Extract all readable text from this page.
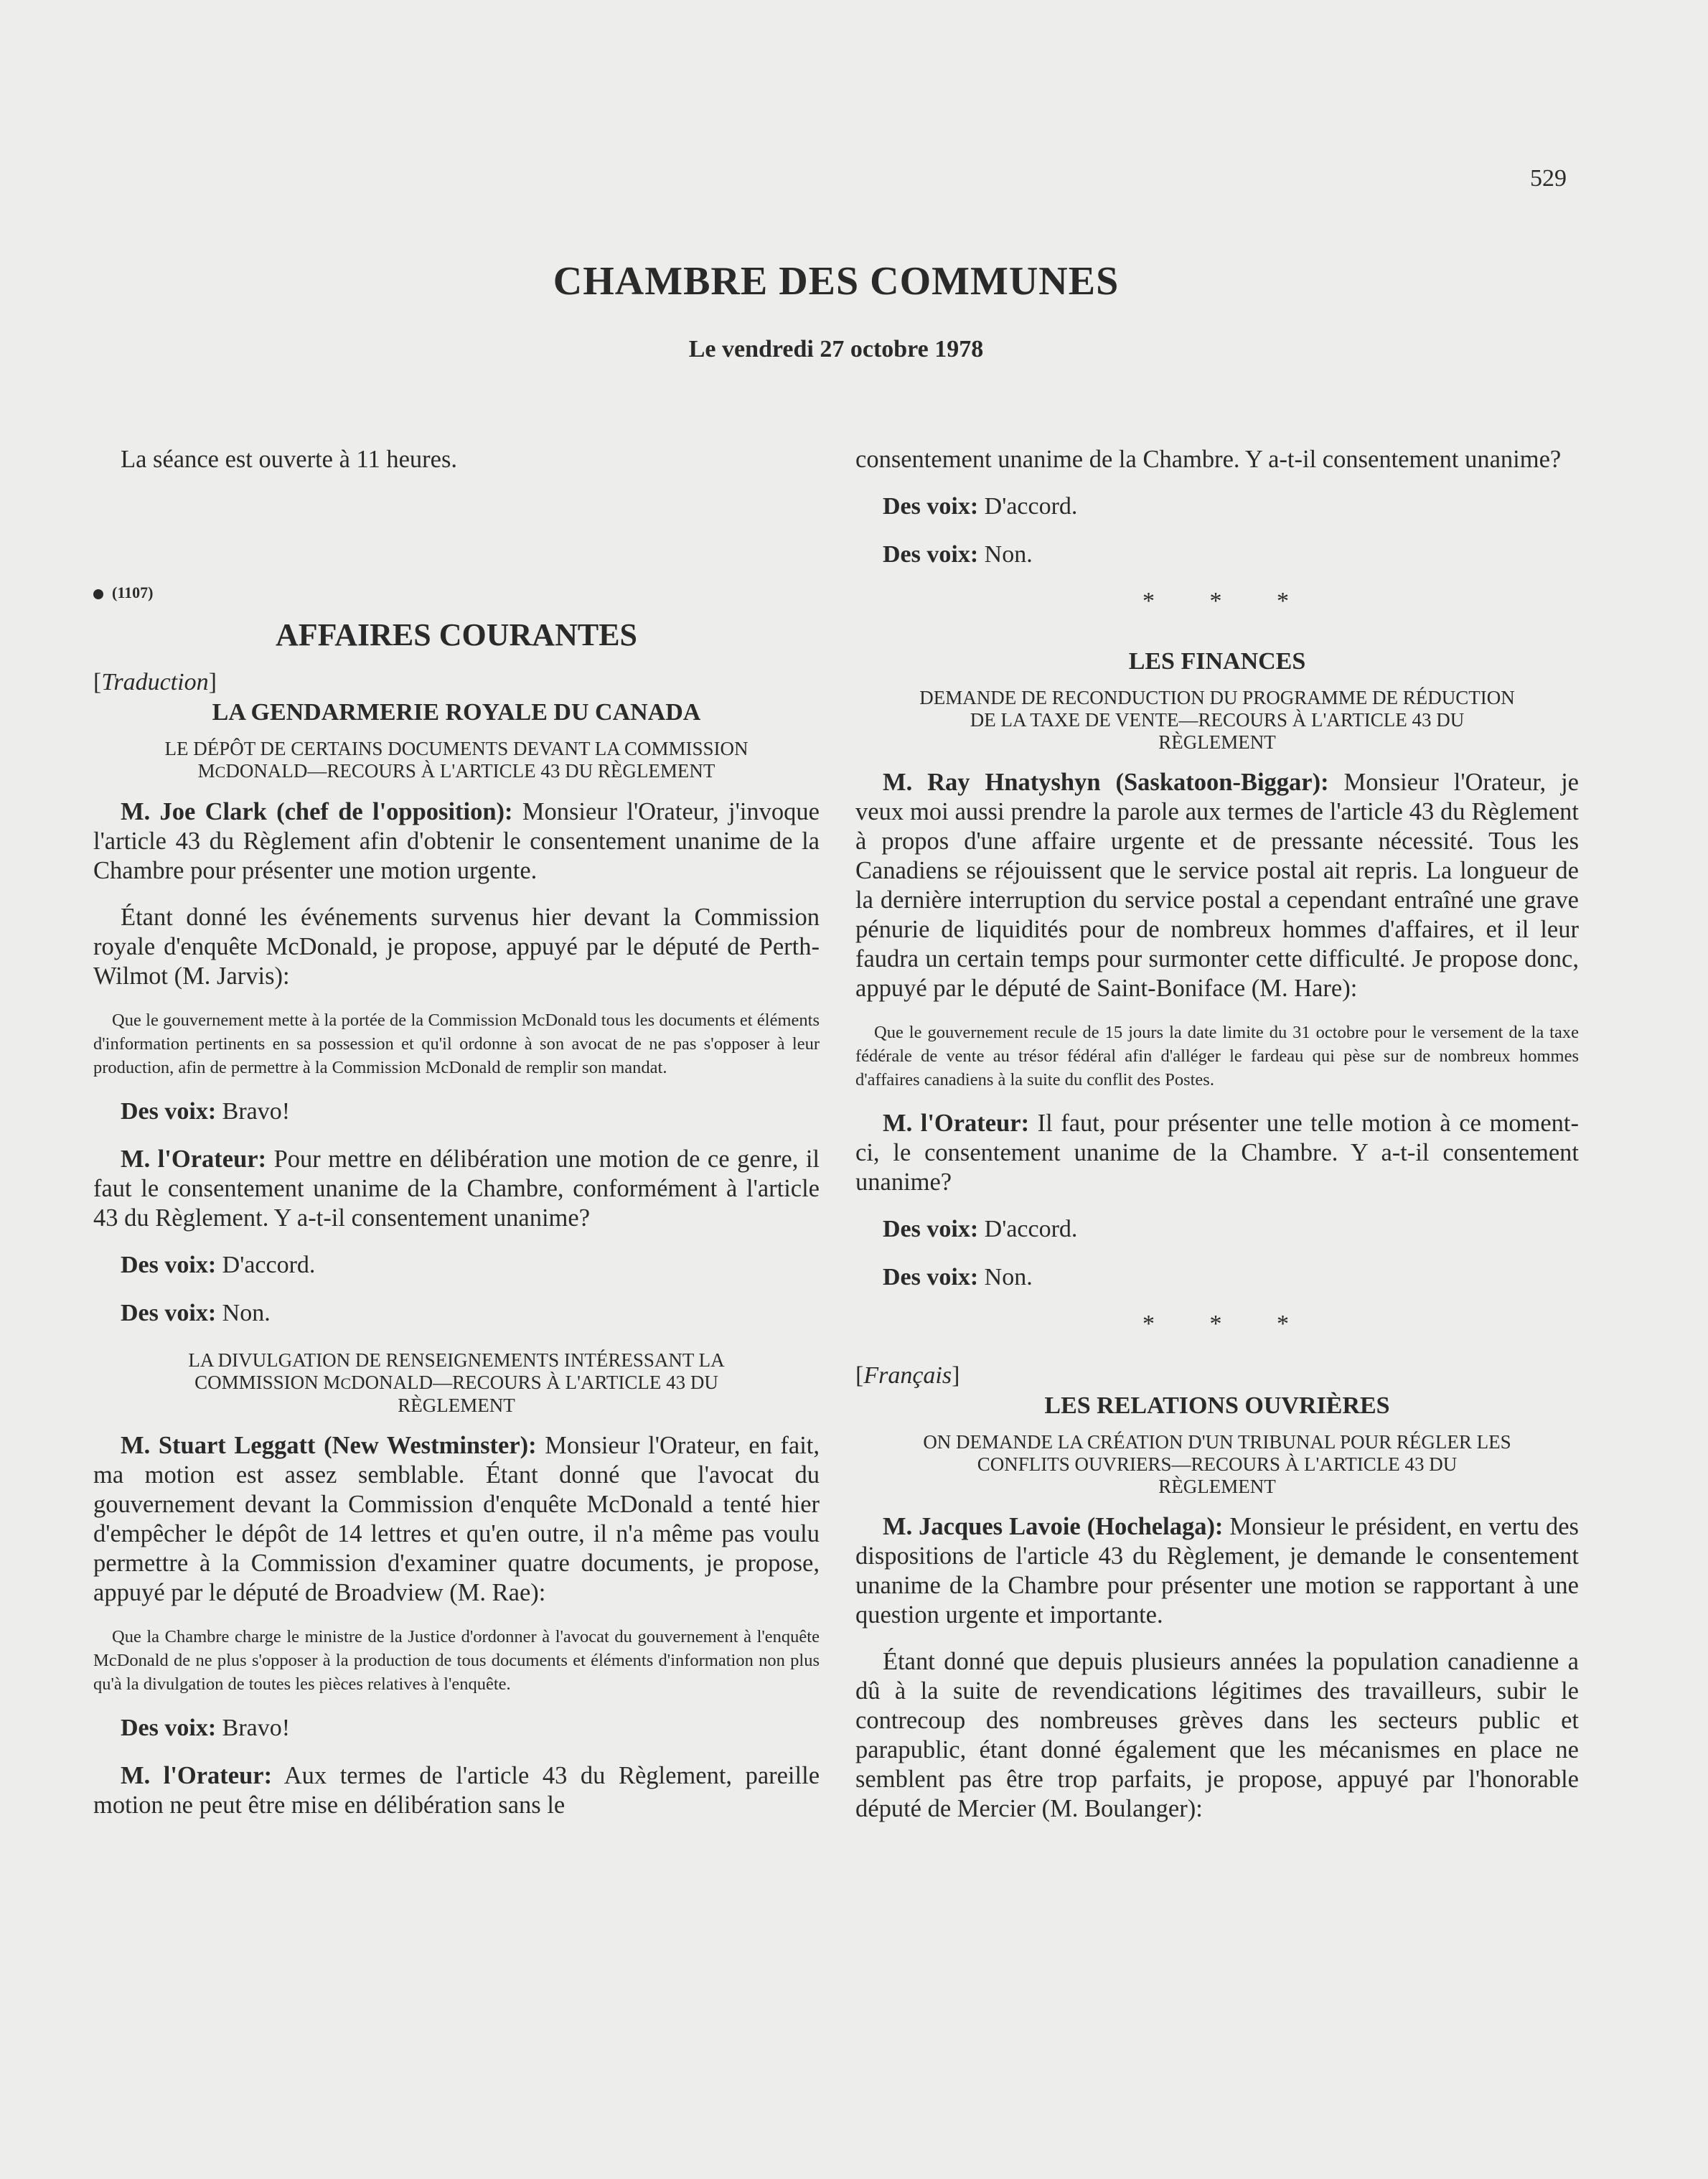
529
CHAMBRE DES COMMUNES
Le vendredi 27 octobre 1978

La séance est ouverte à 11 heures.

(1107)
AFFAIRES COURANTES
[ Traduction ]
LA GENDARMERIE ROYALE DU CANADA
LE DÉPÔT DE CERTAINS DOCUMENTS DEVANT LA COMMISSION
MCDONALD—RECOURS À L'ARTICLE 43 DU RÈGLEMENT

M. Joe Clark (chef de l'opposition): Monsieur l'Orateur, j'invoque l'article 43 du Règlement afin d'obtenir le consentement unanime de la Chambre pour présenter une motion urgente.

Étant donné les événements survenus hier devant la Commission royale d'enquête McDonald, je propose, appuyé par le député de Perth-Wilmot (M. Jarvis):

Que le gouvernement mette à la portée de la Commission McDonald tous les documents et éléments d'information pertinents en sa possession et qu'il ordonne à son avocat de ne pas s'opposer à leur production, afin de permettre à la Commission McDonald de remplir son mandat.

Des voix: Bravo!

M. l'Orateur: Pour mettre en délibération une motion de ce genre, il faut le consentement unanime de la Chambre, conformément à l'article 43 du Règlement. Y a-t-il consentement unanime?

Des voix: D'accord.
Des voix: Non.
LA DIVULGATION DE RENSEIGNEMENTS INTÉRESSANT LA
COMMISSION MCDONALD—RECOURS À L'ARTICLE 43 DU
RÈGLEMENT

M. Stuart Leggatt (New Westminster): Monsieur l'Orateur, en fait, ma motion est assez semblable. Étant donné que l'avocat du gouvernement devant la Commission d'enquête McDonald a tenté hier d'empêcher le dépôt de 14 lettres et qu'en outre, il n'a même pas voulu permettre à la Commission d'examiner quatre documents, je propose, appuyé par le député de Broadview (M. Rae):

Que la Chambre charge le ministre de la Justice d'ordonner à l'avocat du gouvernement à l'enquête McDonald de ne plus s'opposer à la production de tous documents et éléments d'information non plus qu'à la divulgation de toutes les pièces relatives à l'enquête.

Des voix: Bravo!

M. l'Orateur: Aux termes de l'article 43 du Règlement, pareille motion ne peut être mise en délibération sans le

consentement unanime de la Chambre. Y a-t-il consentement unanime?

Des voix: D'accord.
Des voix: Non.
* * *
LES FINANCES
DEMANDE DE RECONDUCTION DU PROGRAMME DE RÉDUCTION
DE LA TAXE DE VENTE—RECOURS À L'ARTICLE 43 DU
RÈGLEMENT

M. Ray Hnatyshyn (Saskatoon-Biggar): Monsieur l'Orateur, je veux moi aussi prendre la parole aux termes de l'article 43 du Règlement à propos d'une affaire urgente et de pressante nécessité. Tous les Canadiens se réjouissent que le service postal ait repris. La longueur de la dernière interruption du service postal a cependant entraîné une grave pénurie de liquidités pour de nombreux hommes d'affaires, et il leur faudra un certain temps pour surmonter cette difficulté. Je propose donc, appuyé par le député de Saint-Boniface (M. Hare):

Que le gouvernement recule de 15 jours la date limite du 31 octobre pour le versement de la taxe fédérale de vente au trésor fédéral afin d'alléger le fardeau qui pèse sur de nombreux hommes d'affaires canadiens à la suite du conflit des Postes.

M. l'Orateur: Il faut, pour présenter une telle motion à ce moment-ci, le consentement unanime de la Chambre. Y a-t-il consentement unanime?

Des voix: D'accord.
Des voix: Non.
* * *
[ Français ]
LES RELATIONS OUVRIÈRES
ON DEMANDE LA CRÉATION D'UN TRIBUNAL POUR RÉGLER LES
CONFLITS OUVRIERS—RECOURS À L'ARTICLE 43 DU
RÈGLEMENT

M. Jacques Lavoie (Hochelaga): Monsieur le président, en vertu des dispositions de l'article 43 du Règlement, je demande le consentement unanime de la Chambre pour présenter une motion se rapportant à une question urgente et importante.

Étant donné que depuis plusieurs années la population canadienne a dû à la suite de revendications légitimes des travailleurs, subir le contrecoup des nombreuses grèves dans les secteurs public et parapublic, étant donné également que les mécanismes en place ne semblent pas être trop parfaits, je propose, appuyé par l'honorable député de Mercier (M. Boulanger):
